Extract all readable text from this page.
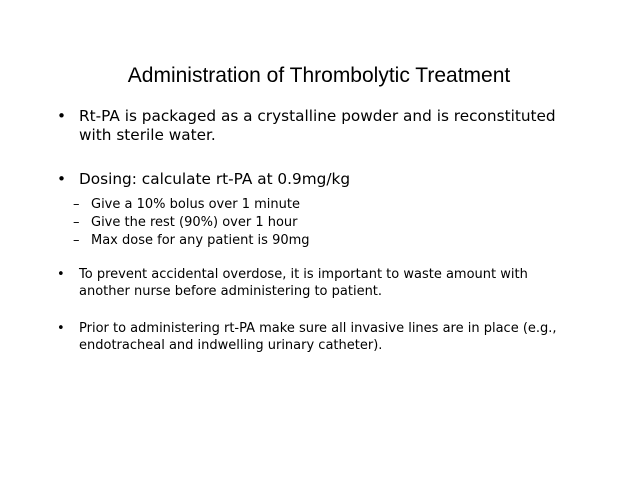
Administration of Thrombolytic Treatment
• Rt-PA is packaged as a crystalline powder and is reconstituted with sterile water.
• Dosing: calculate rt-PA at 0.9mg/kg
– Give a 10% bolus over 1 minute
– Give the rest (90%) over 1 hour
– Max dose for any patient is 90mg
• To prevent accidental overdose, it is important to waste amount with another nurse before administering to patient.
• Prior to administering rt-PA make sure all invasive lines are in place (e.g., endotracheal and indwelling urinary catheter).
